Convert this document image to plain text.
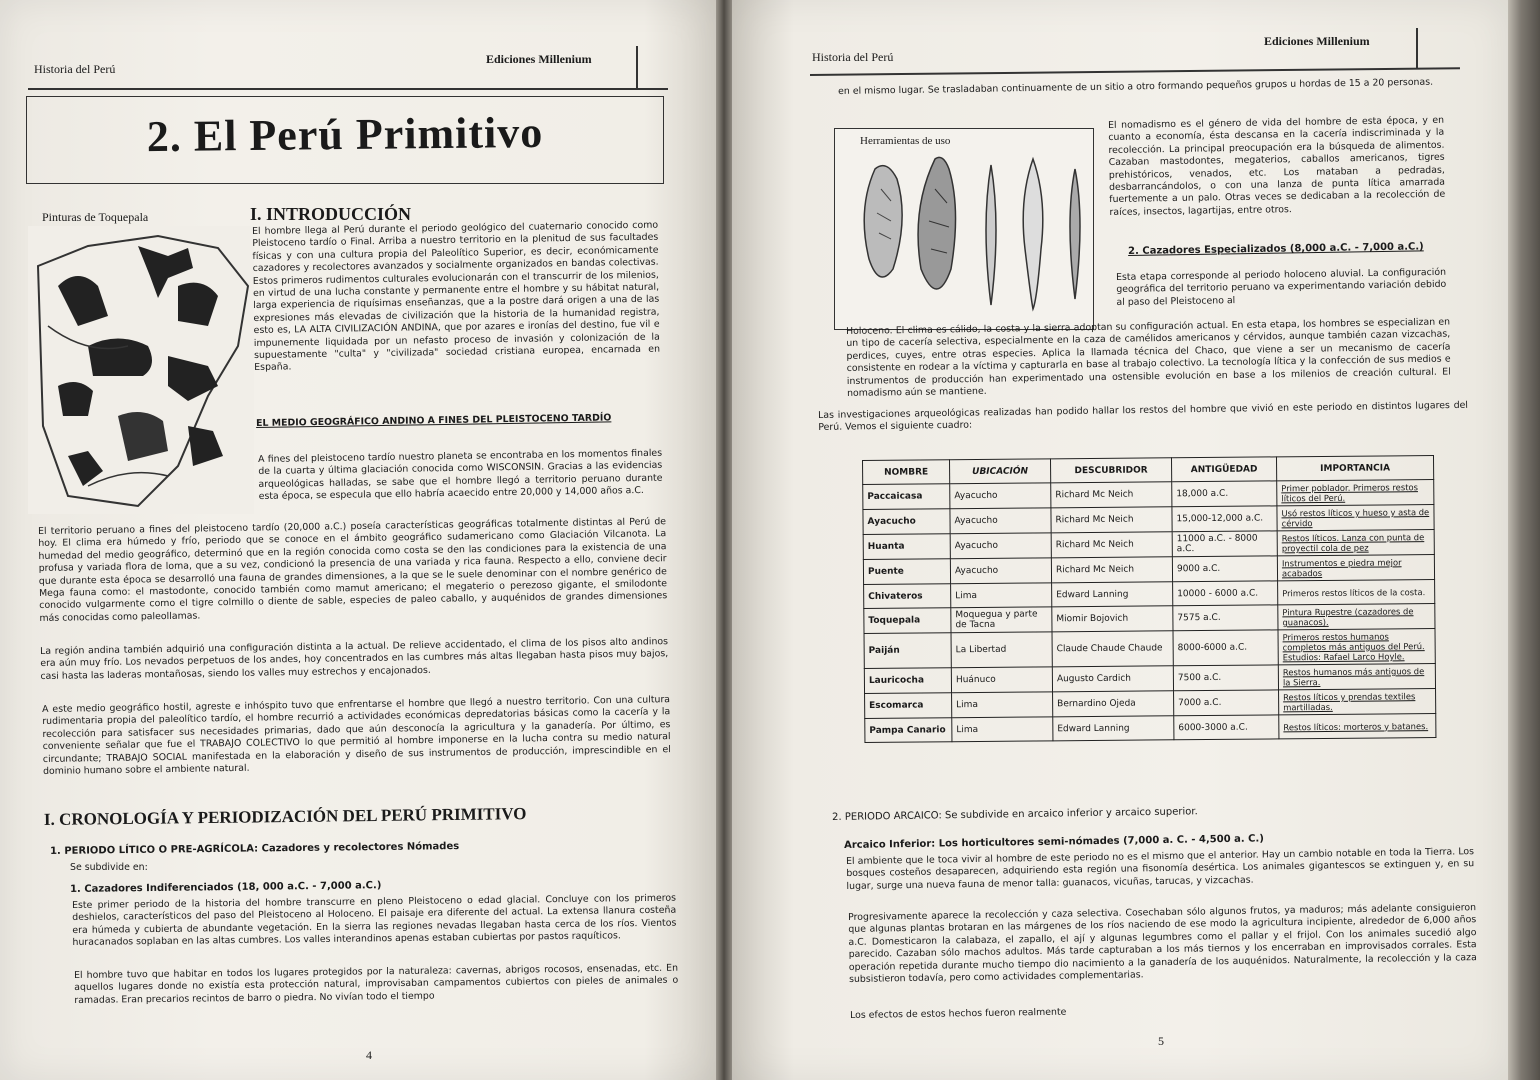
Historia del Perú
Ediciones Millenium
2. El Perú Primitivo
Pinturas de Toquepala	I. INTRODUCCIÓN
El hombre llega al Perú durante el periodo geológico del cuaternario conocido como Pleistoceno tardío o Final. Arriba a nuestro territorio en la plenitud de sus facultades físicas y con una cultura propia del Paleolítico Superior, es decir, económicamente cazadores y recolectores avanzados y socialmente organizados en bandas colectivas. Estos primeros rudimentos culturales evolucionarán con el transcurrir de los milenios, en virtud de una lucha constante y permanente entre el hombre y su hábitat natural, larga experiencia de riquísimas enseñanzas, que a la postre dará origen a una de las expresiones más elevadas de civilización que la historia de la humanidad registra, esto es, LA ALTA CIVILIZACIÓN ANDINA, que por azares e ironías del destino, fue vil e impunemente liquidada por un nefasto proceso de invasión y colonización de la supuestamente "culta" y "civilizada" sociedad cristiana europea, encarnada en España.
EL MEDIO GEOGRÁFICO ANDINO A FINES DEL PLEISTOCENO TARDÍO
A fines del pleistoceno tardío nuestro planeta se encontraba en los momentos finales de la cuarta y última glaciación conocida como WISCONSIN. Gracias a las evidencias arqueológicas halladas, se sabe que el hombre llegó a territorio peruano durante esta época, se especula que ello habría acaecido entre 20,000 y 14,000 años a.C.
El territorio peruano a fines del pleistoceno tardío (20,000 a.C.) poseía características geográficas totalmente distintas al Perú de hoy. El clima era húmedo y frío, periodo que se conoce en el ámbito geográfico sudamericano como Glaciación Vilcanota. La humedad del medio geográfico, determinó que en la región conocida como costa se den las condiciones para la existencia de una profusa y variada flora de loma, que a su vez, condicionó la presencia de una variada y rica fauna. Respecto a ello, conviene decir que durante esta época se desarrolló una fauna de grandes dimensiones, a la que se le suele denominar con el nombre genérico de Mega fauna como: el mastodonte, conocido también como mamut americano; el megaterio o perezoso gigante, el smilodonte conocido vulgarmente como el tigre colmillo o diente de sable, especies de paleo caballo, y auquénidos de grandes dimensiones más conocidas como paleollamas.
La región andina también adquirió una configuración distinta a la actual. De relieve accidentado, el clima de los pisos alto andinos era aún muy frío. Los nevados perpetuos de los andes, hoy concentrados en las cumbres más altas llegaban hasta pisos muy bajos, casi hasta las laderas montañosas, siendo los valles muy estrechos y encajonados.
A este medio geográfico hostil, agreste e inhóspito tuvo que enfrentarse el hombre que llegó a nuestro territorio. Con una cultura rudimentaria propia del paleolítico tardío, el hombre recurrió a actividades económicas depredatorias básicas como la cacería y la recolección para satisfacer sus necesidades primarias, dado que aún desconocía la agricultura y la ganadería. Por último, es conveniente señalar que fue el TRABAJO COLECTIVO lo que permitió al hombre imponerse en la lucha contra su medio natural circundante; TRABAJO SOCIAL manifestada en la elaboración y diseño de sus instrumentos de producción, imprescindible en el dominio humano sobre el ambiente natural.
I. CRONOLOGÍA Y PERIODIZACIÓN DEL PERÚ PRIMITIVO
1. PERIODO LÍTICO O PRE-AGRÍCOLA: Cazadores y recolectores Nómades
Se subdivide en:
1. Cazadores Indiferenciados (18, 000 a.C. - 7,000 a.C.)
Este primer periodo de la historia del hombre transcurre en pleno Pleistoceno o edad glacial. Concluye con los primeros deshielos, característicos del paso del Pleistoceno al Holoceno. El paisaje era diferente del actual. La extensa llanura costeña era húmeda y cubierta de abundante vegetación. En la sierra las regiones nevadas llegaban hasta cerca de los ríos. Vientos huracanados soplaban en las altas cumbres. Los valles interandinos apenas estaban cubiertas por pastos raquíticos.
El hombre tuvo que habitar en todos los lugares protegidos por la naturaleza: cavernas, abrigos rocosos, ensenadas, etc. En aquellos lugares donde no existía esta protección natural, improvisaban campamentos cubiertos con pieles de animales o ramadas. Eran precarios recintos de barro o piedra. No vivían todo el tiempo
4
Historia del Perú
Ediciones Millenium
en el mismo lugar. Se trasladaban continuamente de un sitio a otro formando pequeños grupos u hordas de 15 a 20 personas.
Herramientas de uso
El nomadismo es el género de vida del hombre de esta época, y en cuanto a economía, ésta descansa en la cacería indiscriminada y la recolección. La principal preocupación era la búsqueda de alimentos. Cazaban mastodontes, megaterios, caballos americanos, tigres prehistóricos, venados, etc. Los mataban a pedradas, desbarrancándolos, o con una lanza de punta lítica amarrada fuertemente a un palo. Otras veces se dedicaban a la recolección de raíces, insectos, lagartijas, entre otros.
2. Cazadores Especializados (8,000 a.C. - 7,000 a.C.)
Esta etapa corresponde al periodo holoceno aluvial. La configuración geográfica del territorio peruano va experimentando variación debido al paso del Pleistoceno al
Holoceno. El clima es cálido, la costa y la sierra adoptan su configuración actual. En esta etapa, los hombres se especializan en un tipo de cacería selectiva, especialmente en la caza de camélidos americanos y cérvidos, aunque también cazan vizcachas, perdices, cuyes, entre otras especies. Aplica la llamada técnica del Chaco, que viene a ser un mecanismo de cacería consistente en rodear a la víctima y capturarla en base al trabajo colectivo. La tecnología lítica y la confección de sus medios e instrumentos de producción han experimentado una ostensible evolución en base a los milenios de creación cultural. El nomadismo aún se mantiene.
Las investigaciones arqueológicas realizadas han podido hallar los restos del hombre que vivió en este periodo en distintos lugares del Perú. Vemos el siguiente cuadro:
NOMBRE	UBICACIÓN	DESCUBRIDOR	ANTIGÜEDAD	IMPORTANCIA
Paccaicasa	Ayacucho	Richard Mc Neich	18,000 a.C.	Primer poblador. Primeros restos líticos del Perú.
Ayacucho	Ayacucho	Richard Mc Neich	15,000-12,000 a.C.	Usó restos líticos y hueso y asta de cérvido
Huanta	Ayacucho	Richard Mc Neich	11000 a.C. - 8000 a.C.	Restos líticos. Lanza con punta de proyectil cola de pez
Puente	Ayacucho	Richard Mc Neich	9000 a.C.	Instrumentos e piedra mejor acabados
Chivateros	Lima	Edward Lanning	10000 - 6000 a.C.	Primeros restos líticos de la costa.
Toquepala	Moquegua y parte de Tacna	Miomir Bojovich	7575 a.C.	Pintura Rupestre (cazadores de guanacos).
Paiján	La Libertad	Claude Chaude Chaude	8000-6000 a.C.	Primeros restos humanos completos más antiguos del Perú. Estudios: Rafael Larco Hoyle.
Lauricocha	Huánuco	Augusto Cardich	7500 a.C.	Restos humanos más antiguos de la Sierra.
Escomarca	Lima	Bernardino Ojeda	7000 a.C.	Restos líticos y prendas textiles martilladas.
Pampa Canario	Lima	Edward Lanning	6000-3000 a.C.	Restos líticos: morteros y batanes.
2. PERIODO ARCAICO: Se subdivide en arcaico inferior y arcaico superior.
Arcaico Inferior: Los horticultores semi-nómades (7,000 a. C. - 4,500 a. C.)
El ambiente que le toca vivir al hombre de este periodo no es el mismo que el anterior. Hay un cambio notable en toda la Tierra. Los bosques costeños desaparecen, adquiriendo esta región una fisonomía desértica. Los animales gigantescos se extinguen y, en su lugar, surge una nueva fauna de menor talla: guanacos, vicuñas, tarucas, y vizcachas.
Progresivamente aparece la recolección y caza selectiva. Cosechaban sólo algunos frutos, ya maduros; más adelante consiguieron que algunas plantas brotaran en las márgenes de los ríos naciendo de ese modo la agricultura incipiente, alrededor de 6,000 años a.C. Domesticaron la calabaza, el zapallo, el ají y algunas legumbres como el pallar y el frijol. Con los animales sucedió algo parecido. Cazaban sólo machos adultos. Más tarde capturaban a los más tiernos y los encerraban en improvisados corrales. Esta operación repetida durante mucho tiempo dio nacimiento a la ganadería de los auquénidos. Naturalmente, la recolección y la caza subsistieron todavía, pero como actividades complementarias.
Los efectos de estos hechos fueron realmente
5
